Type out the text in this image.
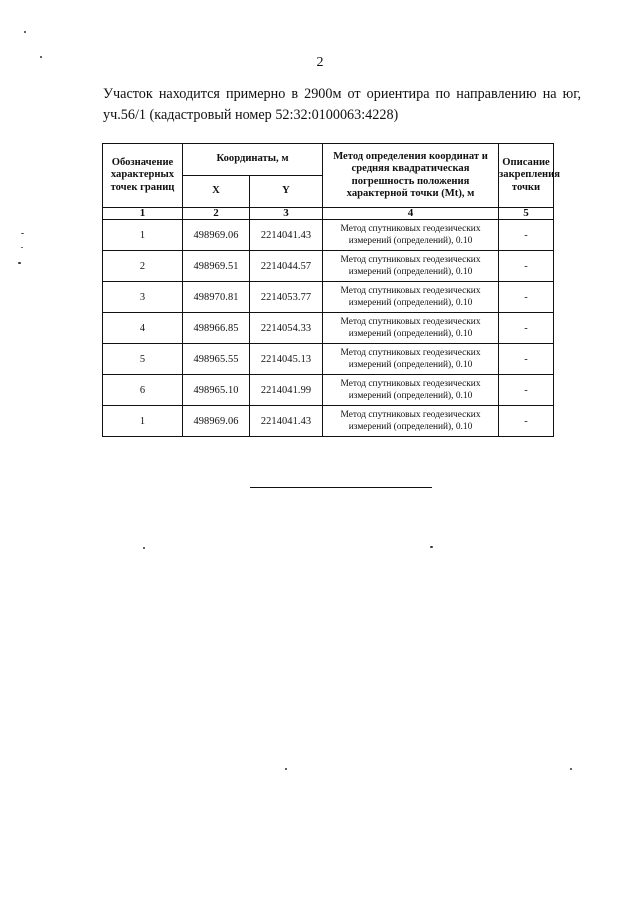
2
Участок находится примерно в 2900м от ориентира по направлению на юг, уч.56/1 (кадастровый номер 52:32:0100063:4228)
Обозначение характерных точек границ	Координаты, м		Метод определения координат и средняя квадратическая погрешность положения характерной точки (Mt), м	Описание закрепления точки
	X	Y		
1	2	3	4	5
1	498969.06	2214041.43	Метод спутниковых геодезических измерений (определений), 0.10	-
2	498969.51	2214044.57	Метод спутниковых геодезических измерений (определений), 0.10	-
3	498970.81	2214053.77	Метод спутниковых геодезических измерений (определений), 0.10	-
4	498966.85	2214054.33	Метод спутниковых геодезических измерений (определений), 0.10	-
5	498965.55	2214045.13	Метод спутниковых геодезических измерений (определений), 0.10	-
6	498965.10	2214041.99	Метод спутниковых геодезических измерений (определений), 0.10	-
1	498969.06	2214041.43	Метод спутниковых геодезических измерений (определений), 0.10	-
